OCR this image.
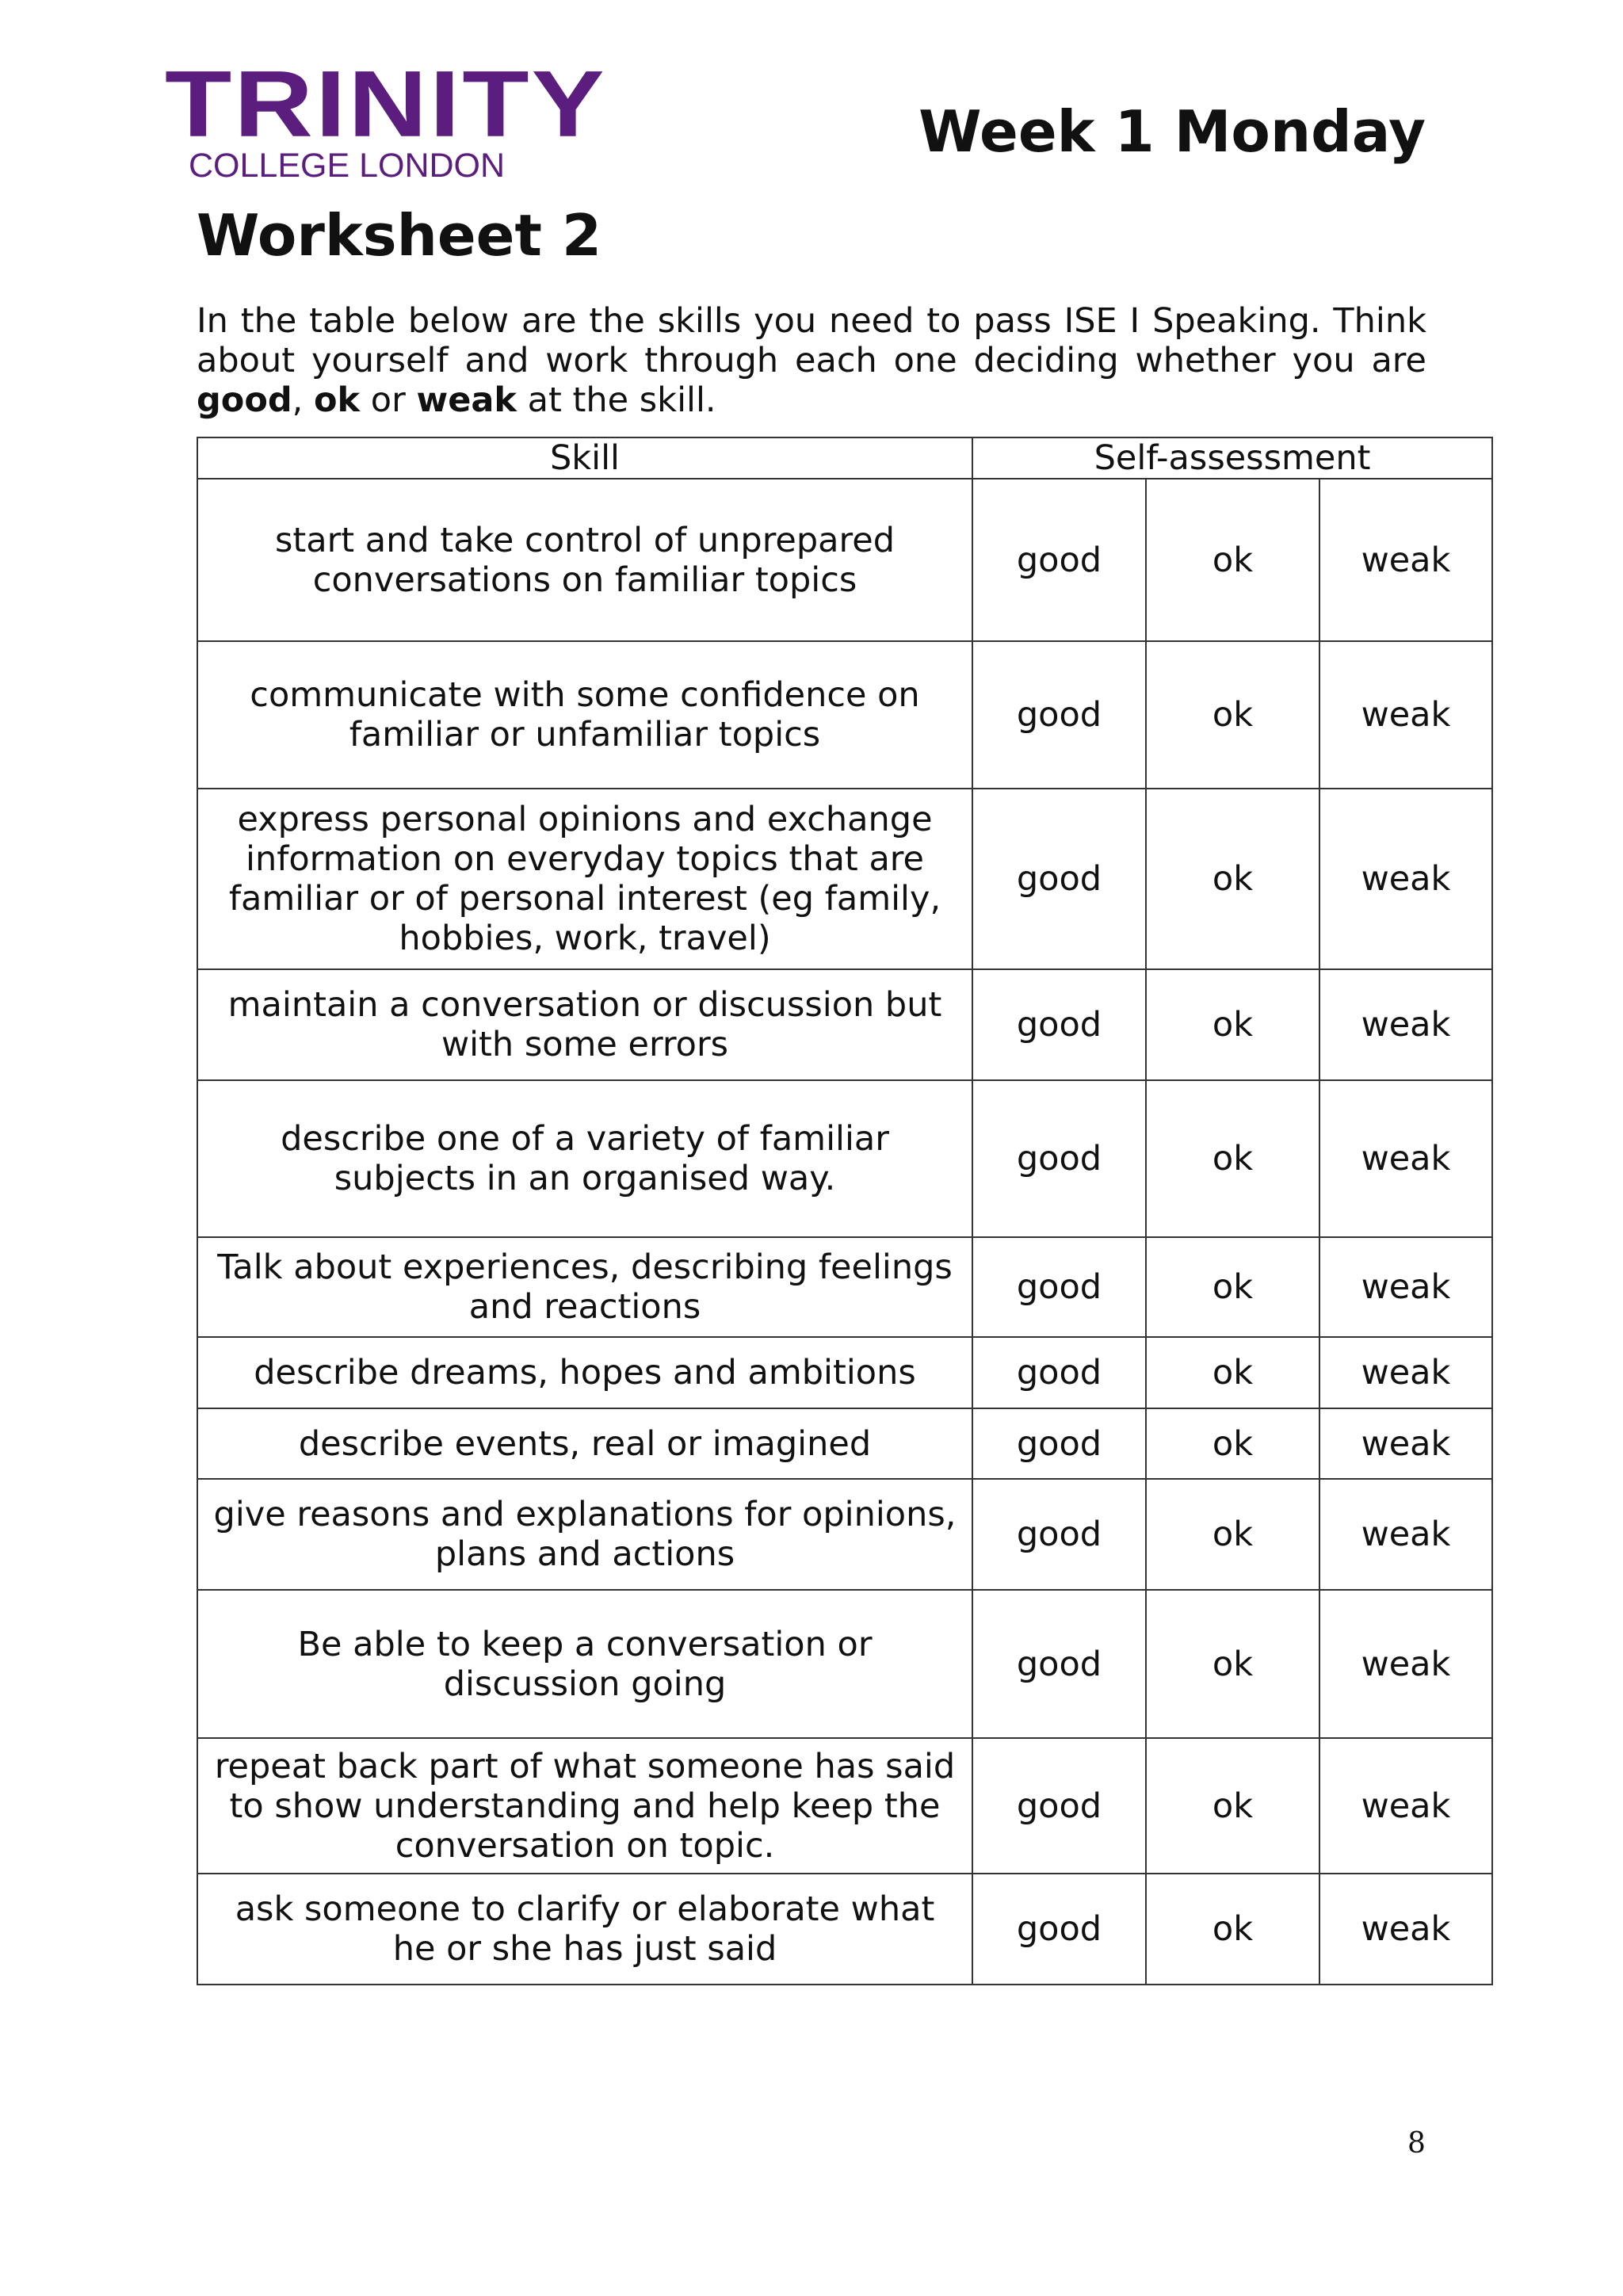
TRINITY
COLLEGE LONDON
Week 1 Monday
Worksheet 2
In the table below are the skills you need to pass ISE I Speaking. Think about yourself and work through each one deciding whether you are good, ok or weak at the skill.
Skill	Self-assessment		
start and take control of unprepared conversations on familiar topics	good	ok	weak
communicate with some confidence on familiar or unfamiliar topics	good	ok	weak
express personal opinions and exchange information on everyday topics that are familiar or of personal interest (eg family, hobbies, work, travel)	good	ok	weak
maintain a conversation or discussion but with some errors	good	ok	weak
describe one of a variety of familiar subjects in an organised way.	good	ok	weak
Talk about experiences, describing feelings and reactions	good	ok	weak
describe dreams, hopes and ambitions	good	ok	weak
describe events, real or imagined	good	ok	weak
give reasons and explanations for opinions, plans and actions	good	ok	weak
Be able to keep a conversation or discussion going	good	ok	weak
repeat back part of what someone has said to show understanding and help keep the conversation on topic.	good	ok	weak
ask someone to clarify or elaborate what he or she has just said	good	ok	weak
8
